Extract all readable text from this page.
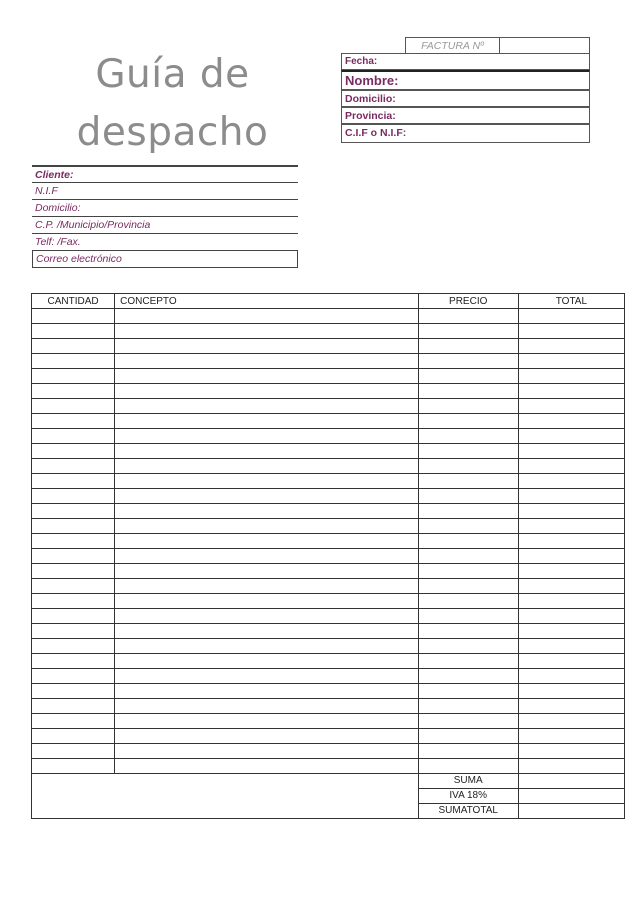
Guía de
despacho
FACTURA Nº
Fecha:
Nombre:
Domicilio:
Provincia:
C.I.F o N.I.F:
Cliente:
N.I.F
Domicilio:
C.P. /Municipio/Provincia
Telf: /Fax.
Correo electrónico
CANTIDAD	CONCEPTO	PRECIO	TOTAL

		SUMA	
		IVA 18%	
		SUMATOTAL	
